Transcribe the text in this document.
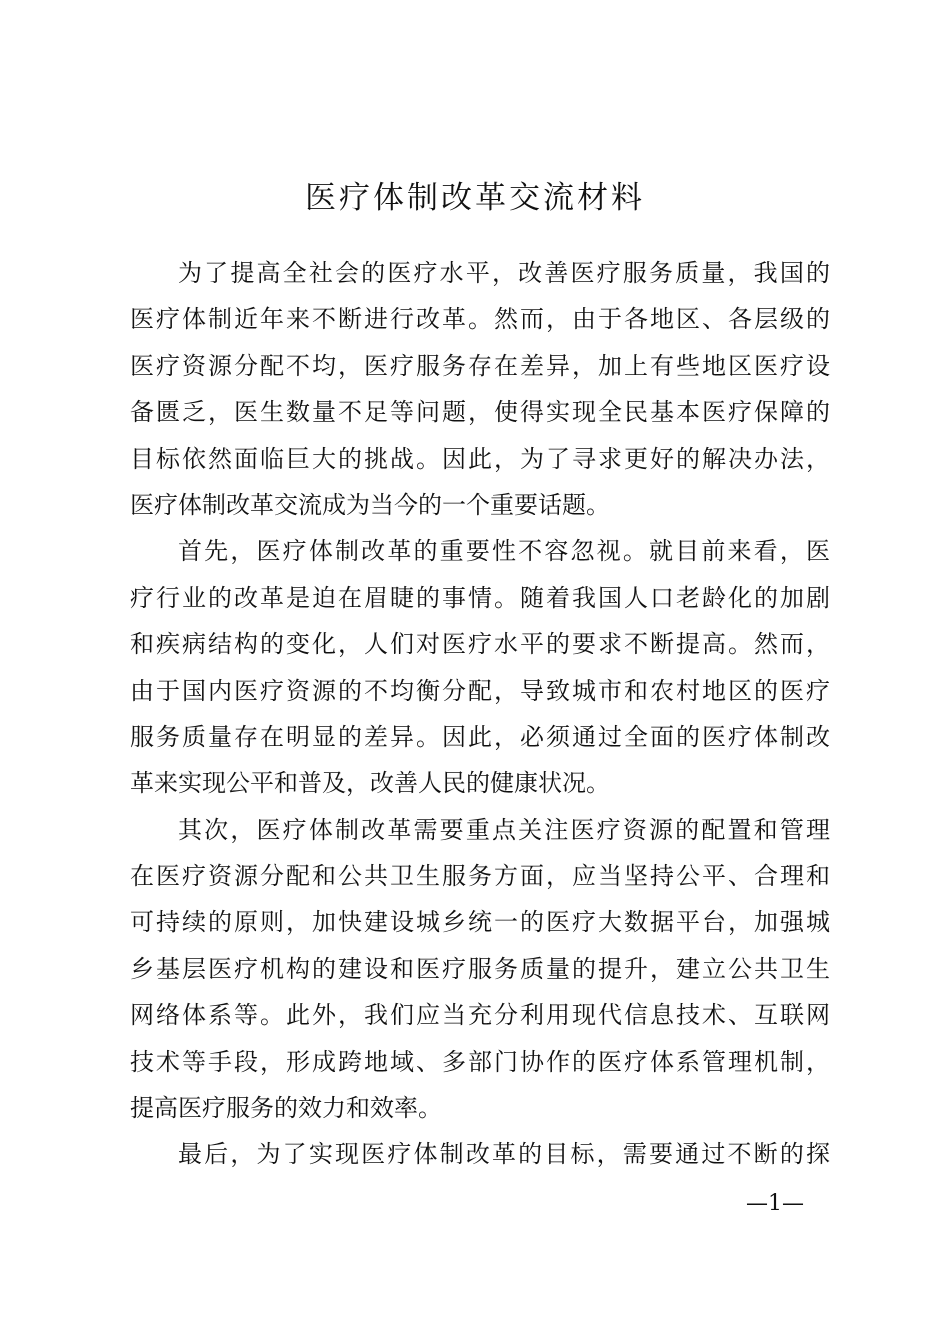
医疗体制改革交流材料
为了提高全社会的医疗水平，改善医疗服务质量，我国的
医疗体制近年来不断进行改革。然而，由于各地区、各层级的
医疗资源分配不均，医疗服务存在差异，加上有些地区医疗设
备匮乏，医生数量不足等问题，使得实现全民基本医疗保障的
目标依然面临巨大的挑战。因此，为了寻求更好的解决办法，
医疗体制改革交流成为当今的一个重要话题。
首先，医疗体制改革的重要性不容忽视。就目前来看，医
疗行业的改革是迫在眉睫的事情。随着我国人口老龄化的加剧
和疾病结构的变化，人们对医疗水平的要求不断提高。然而，
由于国内医疗资源的不均衡分配，导致城市和农村地区的医疗
服务质量存在明显的差异。因此，必须通过全面的医疗体制改
革来实现公平和普及，改善人民的健康状况。
其次，医疗体制改革需要重点关注医疗资源的配置和管理
在医疗资源分配和公共卫生服务方面，应当坚持公平、合理和
可持续的原则，加快建设城乡统一的医疗大数据平台，加强城
乡基层医疗机构的建设和医疗服务质量的提升，建立公共卫生
网络体系等。此外，我们应当充分利用现代信息技术、互联网
技术等手段，形成跨地域、多部门协作的医疗体系管理机制，
提高医疗服务的效力和效率。
最后，为了实现医疗体制改革的目标，需要通过不断的探
—1—
